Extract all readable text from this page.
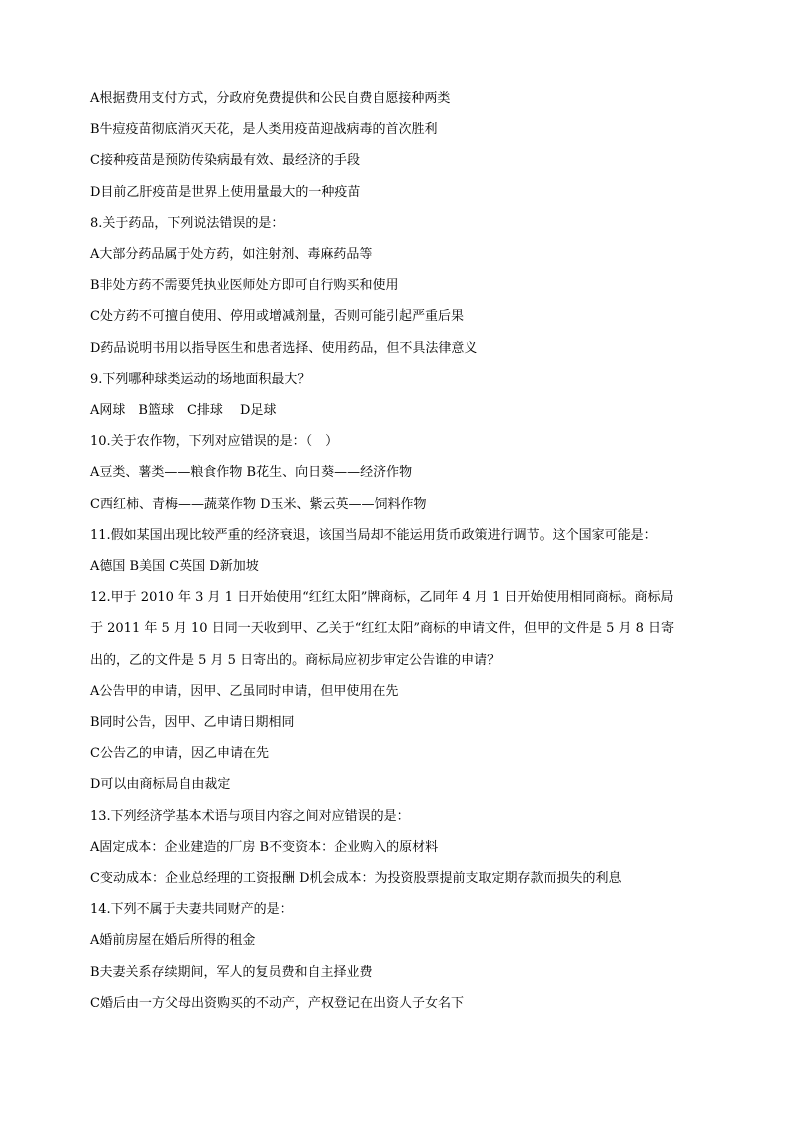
A根据费用支付方式，分政府免费提供和公民自费自愿接种两类
B牛痘疫苗彻底消灭天花，是人类用疫苗迎战病毒的首次胜利
C接种疫苗是预防传染病最有效、最经济的手段
D目前乙肝疫苗是世界上使用量最大的一种疫苗
8.关于药品，下列说法错误的是：
A大部分药品属于处方药，如注射剂、毒麻药品等
B非处方药不需要凭执业医师处方即可自行购买和使用
C处方药不可擅自使用、停用或增减剂量，否则可能引起严重后果
D药品说明书用以指导医生和患者选择、使用药品，但不具法律意义
9.下列哪种球类运动的场地面积最大？
A网球　B篮球　C排球　 D足球
10.关于农作物，下列对应错误的是：（　）
A豆类、薯类——粮食作物 B花生、向日葵——经济作物
C西红柿、青梅——蔬菜作物 D玉米、紫云英——饲料作物
11.假如某国出现比较严重的经济衰退，该国当局却不能运用货币政策进行调节。这个国家可能是：
A德国 B美国 C英国 D新加坡
12.甲于 2010 年 3 月 1 日开始使用“红红太阳”牌商标，乙同年 4 月 1 日开始使用相同商标。商标局
于 2011 年 5 月 10 日同一天收到甲、乙关于“红红太阳”商标的申请文件，但甲的文件是 5 月 8 日寄
出的，乙的文件是 5 月 5 日寄出的。商标局应初步审定公告谁的申请？
A公告甲的申请，因甲、乙虽同时申请，但甲使用在先
B同时公告，因甲、乙申请日期相同
C公告乙的申请，因乙申请在先
D可以由商标局自由裁定
13.下列经济学基本术语与项目内容之间对应错误的是：
A固定成本：企业建造的厂房 B不变资本：企业购入的原材料
C变动成本：企业总经理的工资报酬 D机会成本：为投资股票提前支取定期存款而损失的利息
14.下列不属于夫妻共同财产的是：
A婚前房屋在婚后所得的租金
B夫妻关系存续期间，军人的复员费和自主择业费
C婚后由一方父母出资购买的不动产，产权登记在出资人子女名下
